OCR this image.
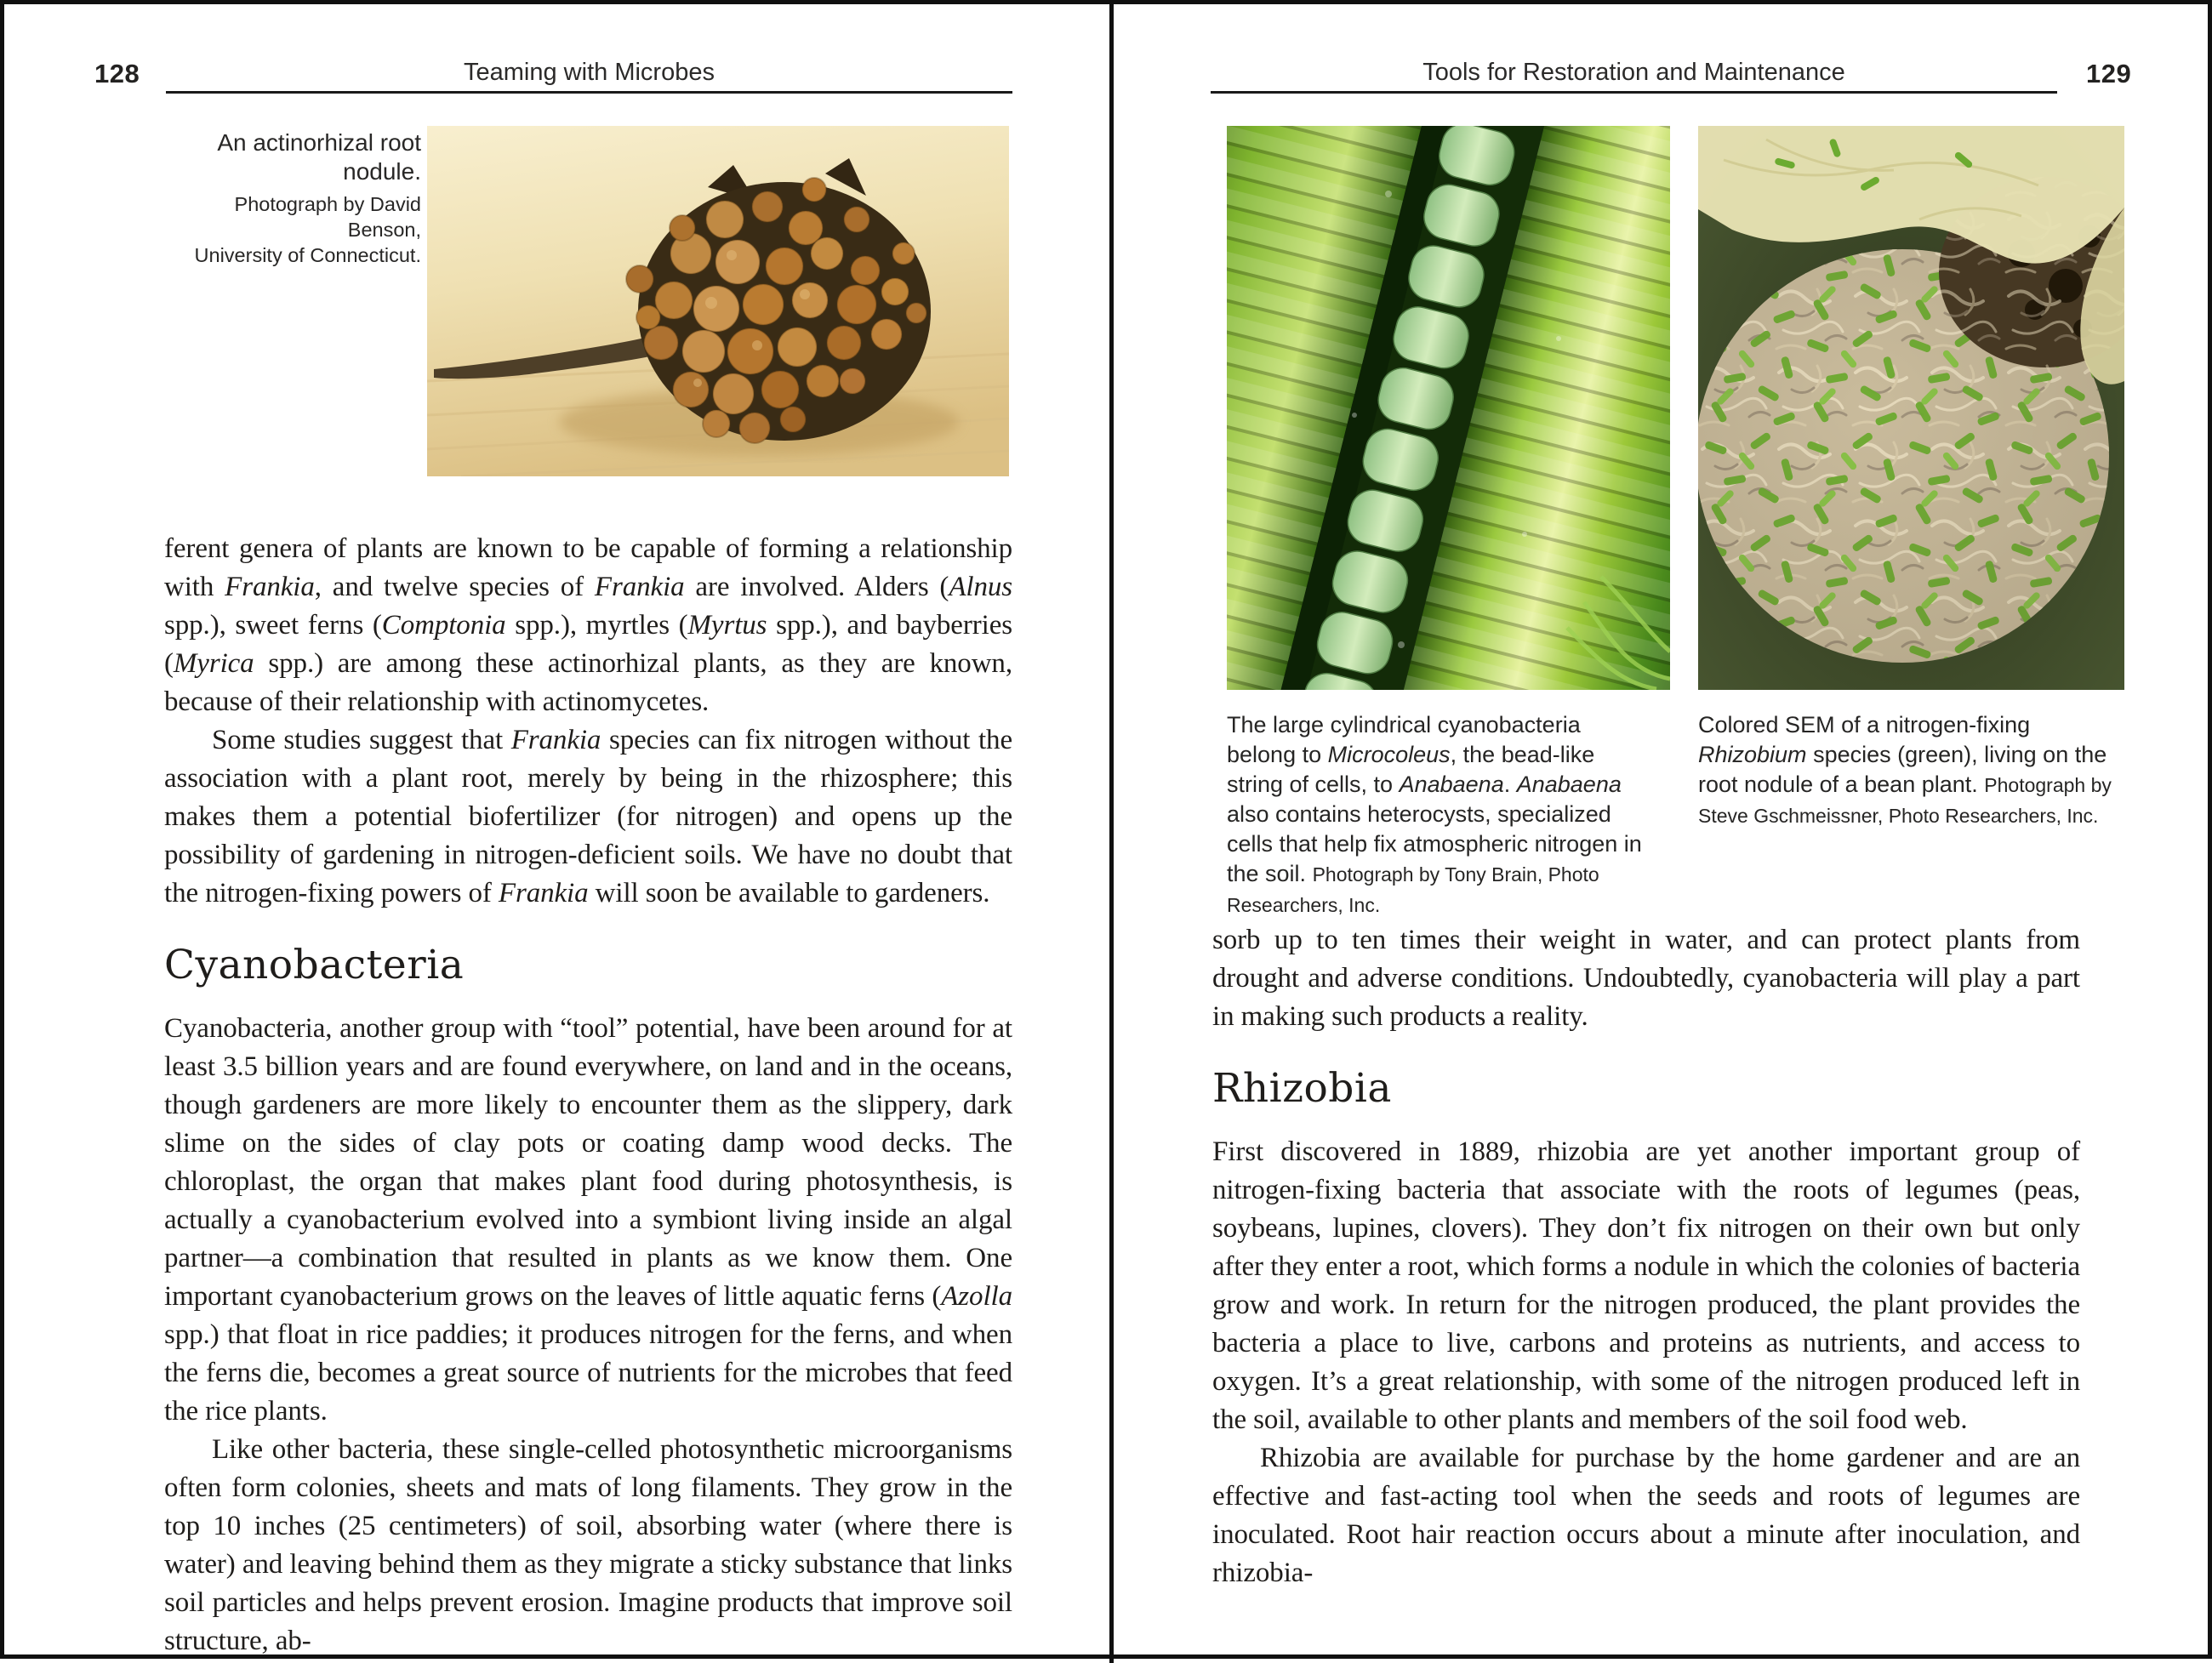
128	Teaming with Microbes

An actinorhizal root nodule.

Photograph by David Benson,

University of Connecticut.

ferent genera of plants are known to be capable of forming a relationship with Frankia, and twelve species of Frankia are involved. Alders (Alnus spp.), sweet ferns (Comptonia spp.), myrtles (Myrtus spp.), and bayberries (Myrica spp.) are among these actinorhizal plants, as they are known, because of their relationship with actinomycetes.

Some studies suggest that Frankia species can fix nitrogen without the association with a plant root, merely by being in the rhizosphere; this makes them a potential biofertilizer (for nitrogen) and opens up the possibility of gardening in nitrogen-deficient soils. We have no doubt that the nitrogen-fixing powers of Frankia will soon be available to gardeners.

Cyanobacteria

Cyanobacteria, another group with “tool” potential, have been around for at least 3.5 billion years and are found everywhere, on land and in the oceans, though gardeners are more likely to encounter them as the slippery, dark slime on the sides of clay pots or coating damp wood decks. The chloroplast, the organ that makes plant food during photosynthesis, is actually a cyanobacterium evolved into a symbiont living inside an algal partner—a combination that resulted in plants as we know them. One important cyanobacterium grows on the leaves of little aquatic ferns (Azolla spp.) that float in rice paddies; it produces nitrogen for the ferns, and when the ferns die, becomes a great source of nutrients for the microbes that feed the rice plants.

Like other bacteria, these single-celled photosynthetic microorganisms often form colonies, sheets and mats of long filaments. They grow in the top 10 inches (25 centimeters) of soil, absorbing water (where there is water) and leaving behind them as they migrate a sticky substance that links soil particles and helps prevent erosion. Imagine products that improve soil structure, ab-

Tools for Restoration and Maintenance	129
The large cylindrical cyanobacteria belong to Microcoleus, the bead-like string of cells, to Anabaena. Anabaena also contains heterocysts, specialized cells that help fix atmospheric nitrogen in the soil. Photograph by Tony Brain, Photo Researchers, Inc.
Colored SEM of a nitrogen-fixing Rhizobium species (green), living on the root nodule of a bean plant. Photograph by Steve Gschmeissner, Photo Researchers, Inc.

sorb up to ten times their weight in water, and can protect plants from drought and adverse conditions. Undoubtedly, cyanobacteria will play a part in making such products a reality.

Rhizobia

First discovered in 1889, rhizobia are yet another important group of nitrogen-fixing bacteria that associate with the roots of legumes (peas, soybeans, lupines, clovers). They don’t fix nitrogen on their own but only after they enter a root, which forms a nodule in which the colonies of bacteria grow and work. In return for the nitrogen produced, the plant provides the bacteria a place to live, carbons and proteins as nutrients, and access to oxygen. It’s a great relationship, with some of the nitrogen produced left in the soil, available to other plants and members of the soil food web.

Rhizobia are available for purchase by the home gardener and are an effective and fast-acting tool when the seeds and roots of legumes are inoculated. Root hair reaction occurs about a minute after inoculation, and rhizobia-
